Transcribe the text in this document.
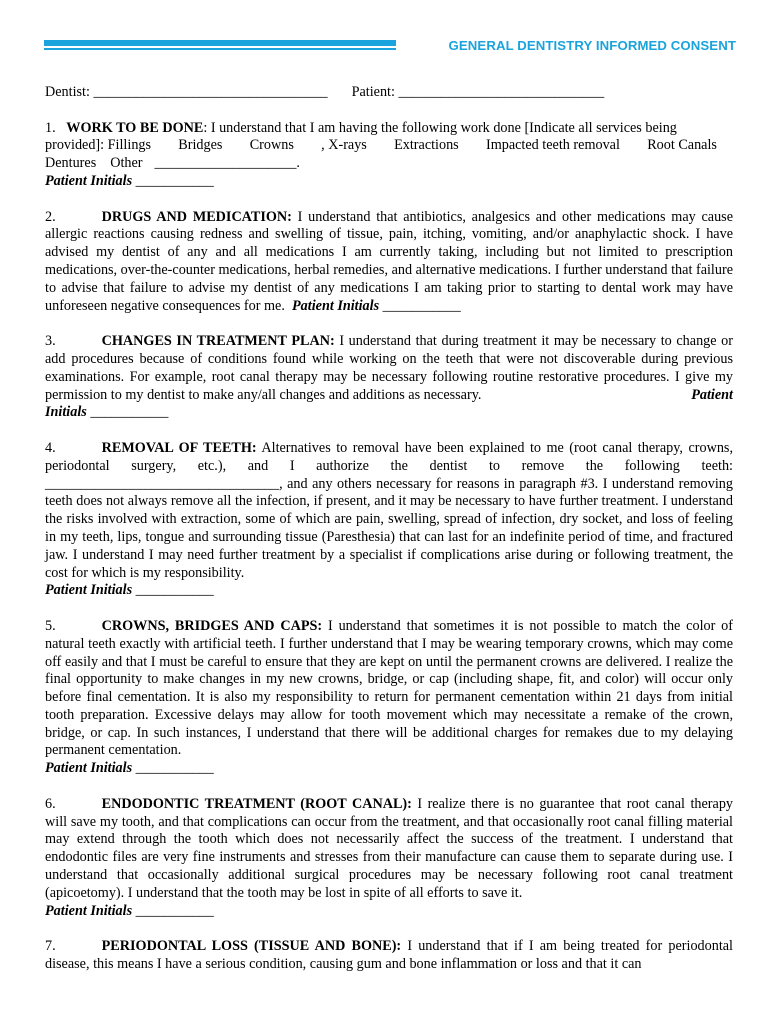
GENERAL DENTISTRY INFORMED CONSENT
Dentist:
_________________________________ Patient:
_____________________________
1.
WORK TO BE DONE : I understand that I am having the following work done [Indicate all services being
provided]: Fillings Bridges Crowns , X-rays Extractions Impacted teeth removal Root Canals
Dentures Other ____________________.
Patient Initials
___________
2.	DRUGS AND MEDICATION: I understand that antibiotics, analgesics and other medications may cause allergic reactions causing redness and swelling of tissue, pain, itching, vomiting, and/or anaphylactic shock. I have advised my dentist of any and all medications I am currently taking, including but not limited to prescription medications, over-the-counter medications, herbal remedies, and alternative medications. I further understand that failure to advise that failure to advise my dentist of any medications I am taking prior to starting to dental work may have unforeseen negative consequences for me. Patient Initials ___________
3.	CHANGES IN TREATMENT PLAN: I understand that during treatment it may be necessary to change or add procedures because of conditions found while working on the teeth that were not discoverable during previous examinations. For example, root canal therapy may be necessary following routine restorative procedures. I give my permission to my dentist to make any/all changes and additions as necessary.	Patient

Initials ___________
4.	REMOVAL OF TEETH: Alternatives to removal have been explained to me (root canal therapy, crowns, periodontal surgery, etc.), and I authorize the dentist to remove the following teeth: _________________________________, and any others necessary for reasons in paragraph #3. I understand removing teeth does not always remove all the infection, if present, and it may be necessary to have further treatment. I understand the risks involved with extraction, some of which are pain, swelling, spread of infection, dry socket, and loss of feeling in my teeth, lips, tongue and surrounding tissue (Paresthesia) that can last for an indefinite period of time, and fractured jaw. I understand I may need further treatment by a specialist if complications arise during or following treatment, the cost for which is my responsibility.
Patient Initials
___________
5.	CROWNS, BRIDGES AND CAPS: I understand that sometimes it is not possible to match the color of natural teeth exactly with artificial teeth. I further understand that I may be wearing temporary crowns, which may come off easily and that I must be careful to ensure that they are kept on until the permanent crowns are delivered. I realize the final opportunity to make changes in my new crowns, bridge, or cap (including shape, fit, and color) will occur only before final cementation. It is also my responsibility to return for permanent cementation within 21 days from initial tooth preparation. Excessive delays may allow for tooth movement which may necessitate a remake of the crown, bridge, or cap. In such instances, I understand that there will be additional charges for remakes due to my delaying permanent cementation.
Patient Initials
___________
6.	ENDODONTIC TREATMENT (ROOT CANAL): I realize there is no guarantee that root canal therapy will save my tooth, and that complications can occur from the treatment, and that occasionally root canal filling material may extend through the tooth which does not necessarily affect the success of the treatment. I understand that endodontic files are very fine instruments and stresses from their manufacture can cause them to separate during use. I understand that occasionally additional surgical procedures may be necessary following root canal treatment (apicoetomy). I understand that the tooth may be lost in spite of all efforts to save it.
Patient Initials
___________
7.	PERIODONTAL LOSS (TISSUE AND BONE): I understand that if I am being treated for periodontal disease, this means I have a serious condition, causing gum and bone inflammation or loss and that it can
